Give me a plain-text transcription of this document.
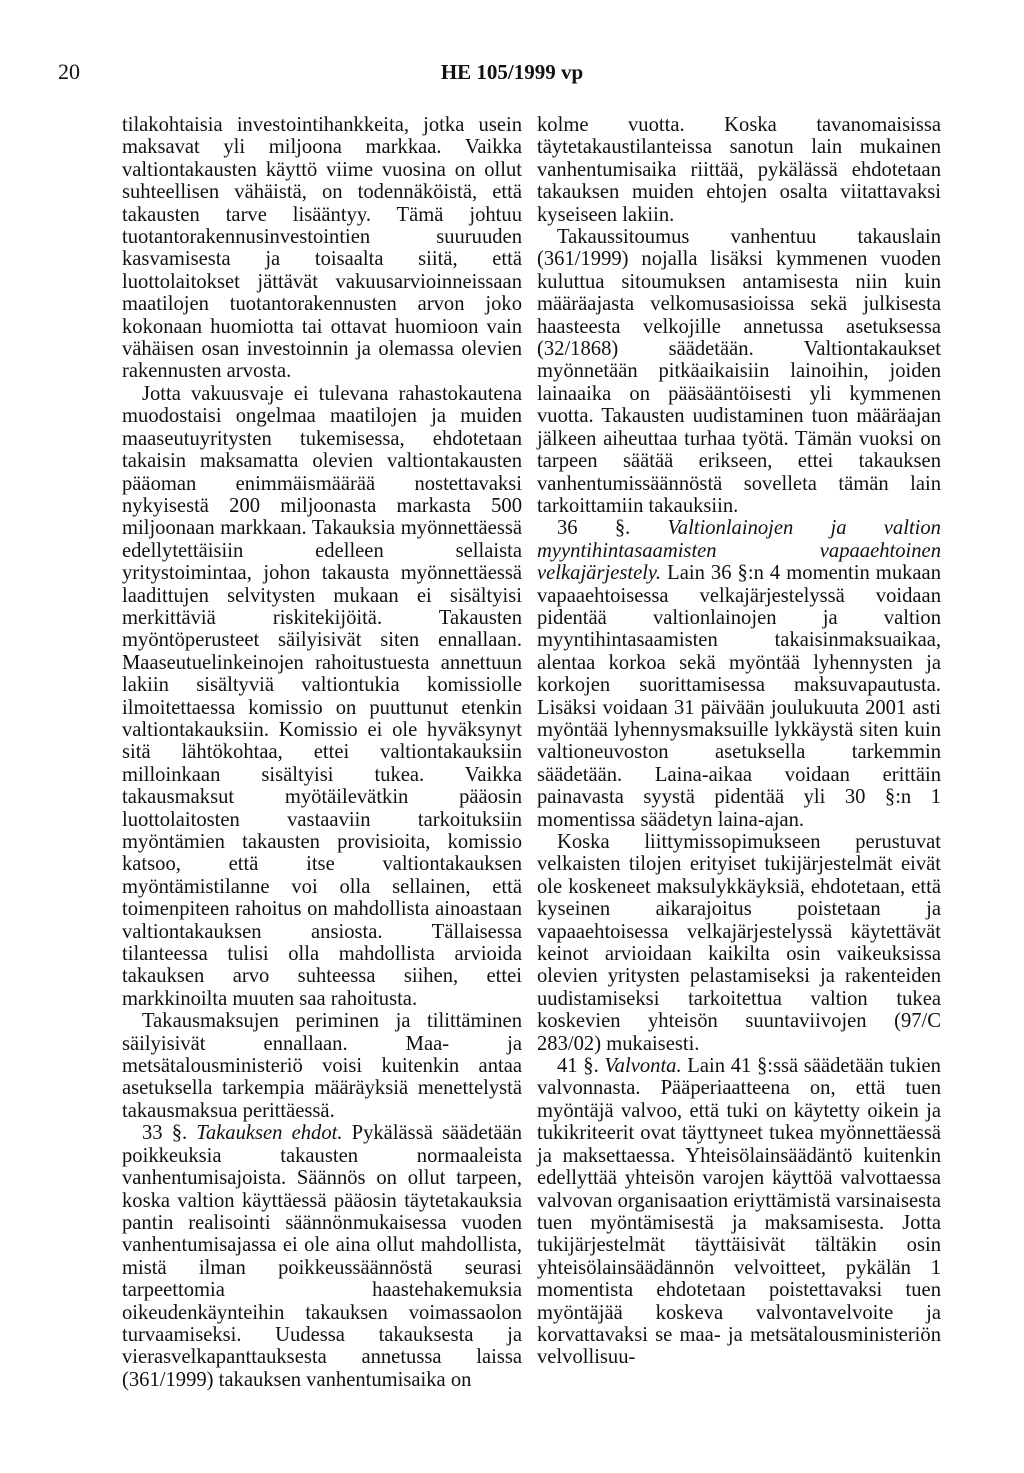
20	HE 105/1999 vp

tilakohtaisia investointihankkeita, jotka usein maksavat yli miljoona markkaa. Vaikka valtiontakausten käyttö viime vuosina on ollut suhteellisen vähäistä, on todennäköistä, että takausten tarve lisääntyy. Tämä johtuu tuotantorakennusinvestointien suuruuden kasvamisesta ja toisaalta siitä, että luottolaitokset jättävät vakuusarvioinneissaan maatilojen tuotantorakennusten arvon joko kokonaan huomiotta tai ottavat huomioon vain vähäisen osan investoinnin ja olemassa olevien rakennusten arvosta.

Jotta vakuusvaje ei tulevana rahastokautena muodostaisi ongelmaa maatilojen ja muiden maaseutuyritysten tukemisessa, ehdotetaan takaisin maksamatta olevien valtiontakausten pääoman enimmäismäärää nostettavaksi nykyisestä 200 miljoonasta markasta 500 miljoonaan markkaan. Takauksia myönnettäessä edellytettäisiin edelleen sellaista yritystoimintaa, johon takausta myönnettäessä laadittujen selvitysten mukaan ei sisältyisi merkittäviä riskitekijöitä. Takausten myöntöperusteet säilyisivät siten ennallaan. Maaseutuelinkeinojen rahoitustuesta annettuun lakiin sisältyviä valtiontukia komissiolle ilmoitettaessa komissio on puuttunut etenkin valtiontakauksiin. Komissio ei ole hyväksynyt sitä lähtökohtaa, ettei valtiontakauksiin milloinkaan sisältyisi tukea. Vaikka takausmaksut myötäilevätkin pääosin luottolaitosten vastaaviin tarkoituksiin myöntämien takausten provisioita, komissio katsoo, että itse valtiontakauksen myöntämistilanne voi olla sellainen, että toimenpiteen rahoitus on mahdollista ainoastaan valtiontakauksen ansiosta. Tällaisessa tilanteessa tulisi olla mahdollista arvioida takauksen arvo suhteessa siihen, ettei markkinoilta muuten saa rahoitusta.

Takausmaksujen periminen ja tilittäminen säilyisivät ennallaan. Maa- ja metsätalousministeriö voisi kuitenkin antaa asetuksella tarkempia määräyksiä menettelystä takausmaksua perittäessä.

33 §. Takauksen ehdot. Pykälässä säädetään poikkeuksia takausten normaaleista vanhentumisajoista. Säännös on ollut tarpeen, koska valtion käyttäessä pääosin täytetakauksia pantin realisointi säännönmukaisessa vuoden vanhentumisajassa ei ole aina ollut mahdollista, mistä ilman poikkeussäännöstä seurasi tarpeettomia haastehakemuksia oikeudenkäynteihin takauksen voimassaolon turvaamiseksi. Uudessa takauksesta ja vierasvelkapanttauksesta annetussa laissa (361/1999) takauksen vanhentumisaika on

kolme vuotta. Koska tavanomaisissa täytetakaustilanteissa sanotun lain mukainen vanhentumisaika riittää, pykälässä ehdotetaan takauksen muiden ehtojen osalta viitattavaksi kyseiseen lakiin.

Takaussitoumus vanhentuu takauslain (361/1999) nojalla lisäksi kymmenen vuoden kuluttua sitoumuksen antamisesta niin kuin määräajasta velkomusasioissa sekä julkisesta haasteesta velkojille annetussa asetuksessa (32/1868) säädetään. Valtiontakaukset myönnetään pitkäaikaisiin lainoihin, joiden lainaaika on pääsääntöisesti yli kymmenen vuotta. Takausten uudistaminen tuon määräajan jälkeen aiheuttaa turhaa työtä. Tämän vuoksi on tarpeen säätää erikseen, ettei takauksen vanhentumissäännöstä sovelleta tämän lain tarkoittamiin takauksiin.

36 §. Valtionlainojen ja valtion myyntihintasaamisten vapaaehtoinen velkajärjestely. Lain 36 §:n 4 momentin mukaan vapaaehtoisessa velkajärjestelyssä voidaan pidentää valtionlainojen ja valtion myyntihintasaamisten takaisinmaksuaikaa, alentaa korkoa sekä myöntää lyhennysten ja korkojen suorittamisessa maksuvapautusta. Lisäksi voidaan 31 päivään joulukuuta 2001 asti myöntää lyhennysmaksuille lykkäystä siten kuin valtioneuvoston asetuksella tarkemmin säädetään. Laina-aikaa voidaan erittäin painavasta syystä pidentää yli 30 §:n 1 momentissa säädetyn laina-ajan.

Koska liittymissopimukseen perustuvat velkaisten tilojen erityiset tukijärjestelmät eivät ole koskeneet maksulykkäyksiä, ehdotetaan, että kyseinen aikarajoitus poistetaan ja vapaaehtoisessa velkajärjestelyssä käytettävät keinot arvioidaan kaikilta osin vaikeuksissa olevien yritysten pelastamiseksi ja rakenteiden uudistamiseksi tarkoitettua valtion tukea koskevien yhteisön suuntaviivojen (97/C 283/02) mukaisesti.

41 §. Valvonta. Lain 41 §:ssä säädetään tukien valvonnasta. Pääperiaatteena on, että tuen myöntäjä valvoo, että tuki on käytetty oikein ja tukikriteerit ovat täyttyneet tukea myönnettäessä ja maksettaessa. Yhteisölainsäädäntö kuitenkin edellyttää yhteisön varojen käyttöä valvottaessa valvovan organisaation eriyttämistä varsinaisesta tuen myöntämisestä ja maksamisesta. Jotta tukijärjestelmät täyttäisivät tältäkin osin yhteisölainsäädännön velvoitteet, pykälän 1 momentista ehdotetaan poistettavaksi tuen myöntäjää koskeva valvontavelvoite ja korvattavaksi se maa- ja metsätalousministeriön velvollisuu-
